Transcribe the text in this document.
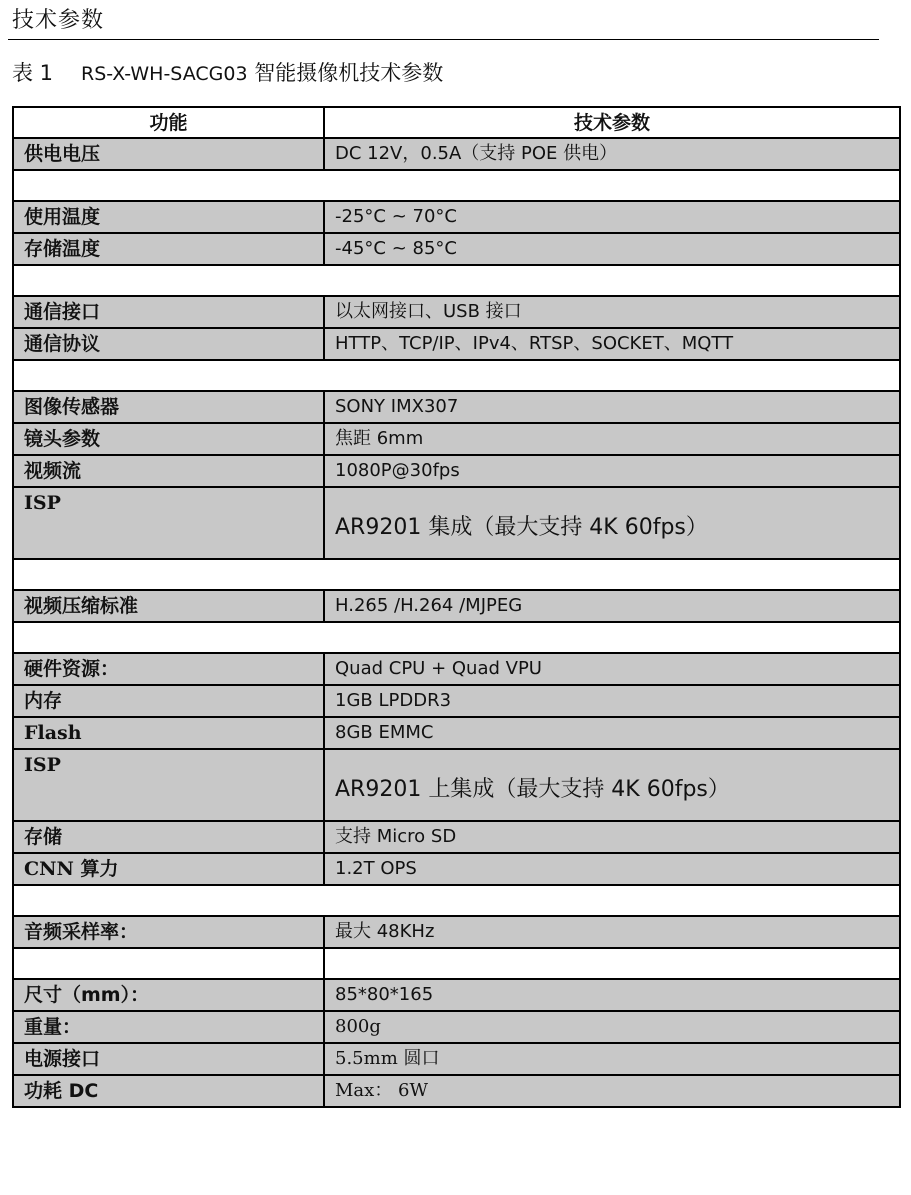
技术参数
表 1 RS-X-WH-SACG03 智能摄像机技术参数
功能	技术参数
供电电压	DC 12V，0.5A（支持 POE 供电）

使用温度	-25°C ~ 70°C
存储温度	-45°C ~ 85°C

通信接口	以太网接口、USB 接口
通信协议	HTTP、TCP/IP、IPv4、RTSP、SOCKET、MQTT

图像传感器	SONY IMX307
镜头参数	焦距 6mm
视频流	1080P@30fps
ISP	AR9201 集成（最大支持 4K 60fps）

视频压缩标准	H.265 /H.264 /MJPEG

硬件资源：	Quad CPU + Quad VPU
内存	1GB LPDDR3
Flash	8GB EMMC
ISP	AR9201 上集成（最大支持 4K 60fps）
存储	支持 Micro SD
CNN 算力	1.2T OPS

音频采样率：	最大 48KHz

尺寸（mm）：	85*80*165
重量：	800g
电源接口	5.5mm 圆口
功耗 DC	Max： 6W
